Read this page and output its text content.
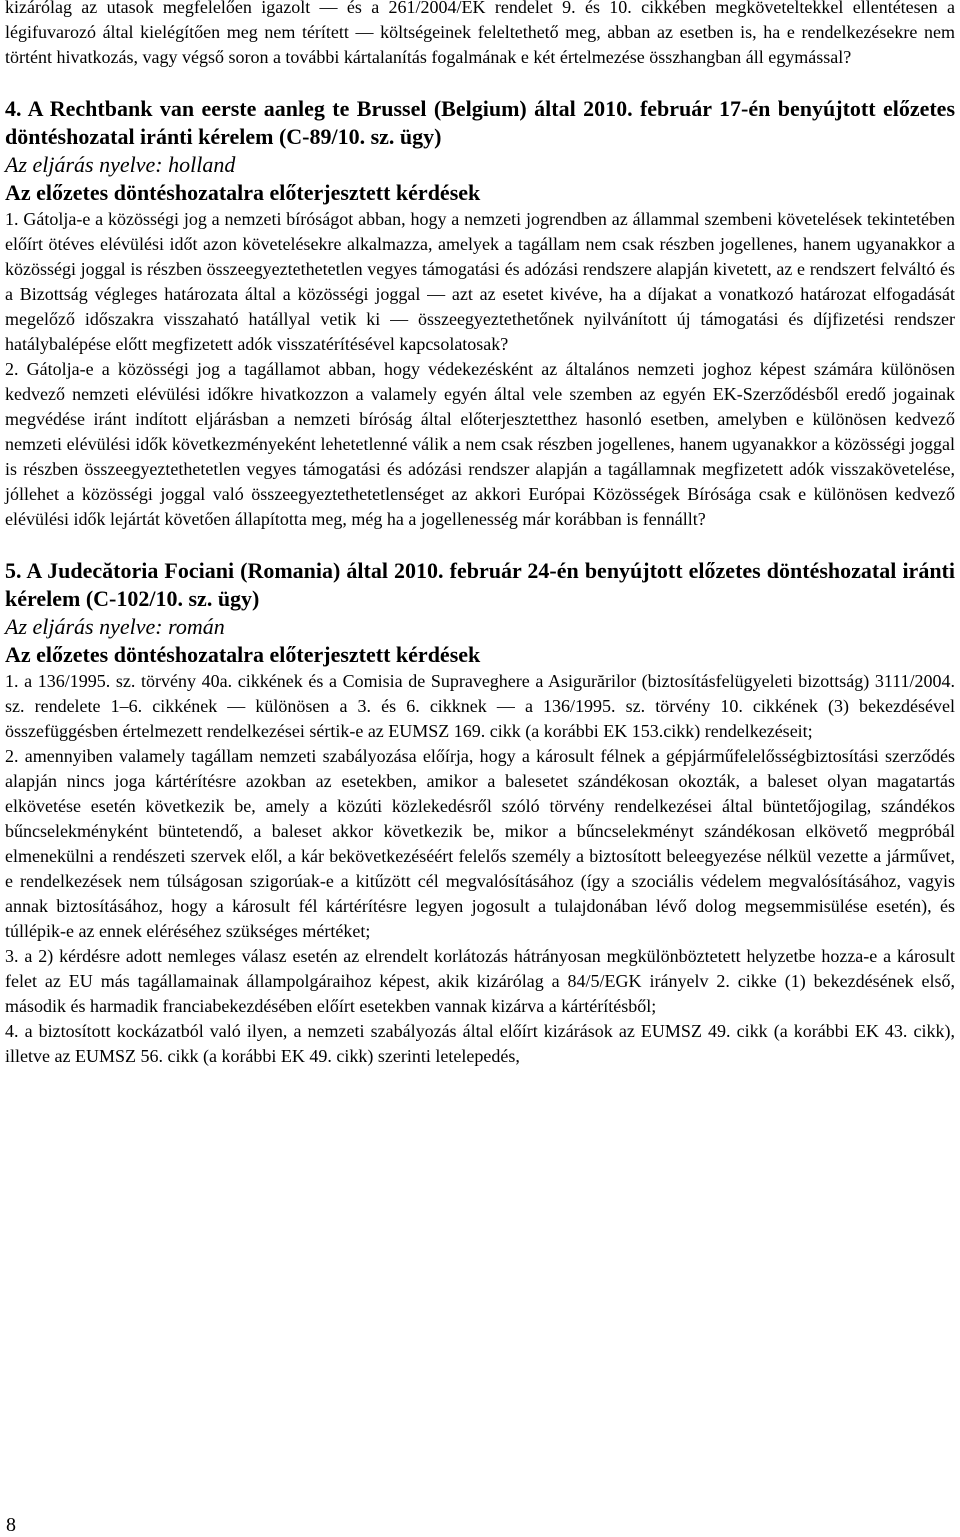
kizárólag az utasok megfelelően igazolt ― és a 261/2004/EK rendelet 9. és 10. cikkében megköveteltekkel ellentétesen a légifuvarozó által kielégítően meg nem térített ― költségeinek feleltethető meg, abban az esetben is, ha e rendelkezésekre nem történt hivatkozás, vagy végső soron a további kártalanítás fogalmának e két értelmezése összhangban áll egymással?

4. A Rechtbank van eerste aanleg te Brussel (Belgium) által 2010. február 17-én benyújtott előzetes döntéshozatal iránti kérelem (C-89/10. sz. ügy)

Az eljárás nyelve: holland

Az előzetes döntéshozatalra előterjesztett kérdések

1. Gátolja-e a közösségi jog a nemzeti bíróságot abban, hogy a nemzeti jogrendben az állammal szembeni követelések tekintetében előírt ötéves elévülési időt azon követelésekre alkalmazza, amelyek a tagállam nem csak részben jogellenes, hanem ugyanakkor a közösségi joggal is részben összeegyeztethetetlen vegyes támogatási és adózási rendszere alapján kivetett, az e rendszert felváltó és a Bizottság végleges határozata által a közösségi joggal ― azt az esetet kivéve, ha a díjakat a vonatkozó határozat elfogadását megelőző időszakra visszaható hatállyal vetik ki ― összeegyeztethetőnek nyilvánított új támogatási és díjfizetési rendszer hatálybalépése előtt megfizetett adók visszatérítésével kapcsolatosak?

2. Gátolja-e a közösségi jog a tagállamot abban, hogy védekezésként az általános nemzeti joghoz képest számára különösen kedvező nemzeti elévülési időkre hivatkozzon a valamely egyén által vele szemben az egyén EK-Szerződésből eredő jogainak megvédése iránt indított eljárásban a nemzeti bíróság által előterjesztetthez hasonló esetben, amelyben e különösen kedvező nemzeti elévülési idők következményeként lehetetlenné válik a nem csak részben jogellenes, hanem ugyanakkor a közösségi joggal is részben összeegyeztethetetlen vegyes támogatási és adózási rendszer alapján a tagállamnak megfizetett adók visszakövetelése, jóllehet a közösségi joggal való összeegyeztethetetlenséget az akkori Európai Közösségek Bírósága csak e különösen kedvező elévülési idők lejártát követően állapította meg, még ha a jogellenesség már korábban is fennállt?

5. A Judecătoria Fociani (Romania) által 2010. február 24-én benyújtott előzetes döntéshozatal iránti kérelem (C-102/10. sz. ügy)

Az eljárás nyelve: román

Az előzetes döntéshozatalra előterjesztett kérdések

1. a 136/1995. sz. törvény 40a. cikkének és a Comisia de Supraveghere a Asigurărilor (biztosításfelügyeleti bizottság) 3111/2004. sz. rendelete 1–6. cikkének ― különösen a 3. és 6. cikknek ― a 136/1995. sz. törvény 10. cikkének (3) bekezdésével összefüggésben értelmezett rendelkezései sértik-e az EUMSZ 169. cikk (a korábbi EK 153.cikk) rendelkezéseit;

2. amennyiben valamely tagállam nemzeti szabályozása előírja, hogy a károsult félnek a gépjárműfelelősségbiztosítási szerződés alapján nincs joga kártérítésre azokban az esetekben, amikor a balesetet szándékosan okozták, a baleset olyan magatartás elkövetése esetén következik be, amely a közúti közlekedésről szóló törvény rendelkezései által büntetőjogilag, szándékos bűncselekményként büntetendő, a baleset akkor következik be, mikor a bűncselekményt szándékosan elkövető megpróbál elmenekülni a rendészeti szervek elől, a kár bekövetkezéséért felelős személy a biztosított beleegyezése nélkül vezette a járművet, e rendelkezések nem túlságosan szigorúak-e a kitűzött cél megvalósításához (így a szociális védelem megvalósításához, vagyis annak biztosításához, hogy a károsult fél kártérítésre legyen jogosult a tulajdonában lévő dolog megsemmisülése esetén), és túllépik-e az ennek eléréséhez szükséges mértéket;

3. a 2) kérdésre adott nemleges válasz esetén az elrendelt korlátozás hátrányosan megkülönböztetett helyzetbe hozza-e a károsult felet az EU más tagállamainak állampolgáraihoz képest, akik kizárólag a 84/5/EGK irányelv 2. cikke (1) bekezdésének első, második és harmadik franciabekezdésében előírt esetekben vannak kizárva a kártérítésből;

4. a biztosított kockázatból való ilyen, a nemzeti szabályozás által előírt kizárások az EUMSZ 49. cikk (a korábbi EK 43. cikk), illetve az EUMSZ 56. cikk (a korábbi EK 49. cikk) szerinti letelepedés,

8
